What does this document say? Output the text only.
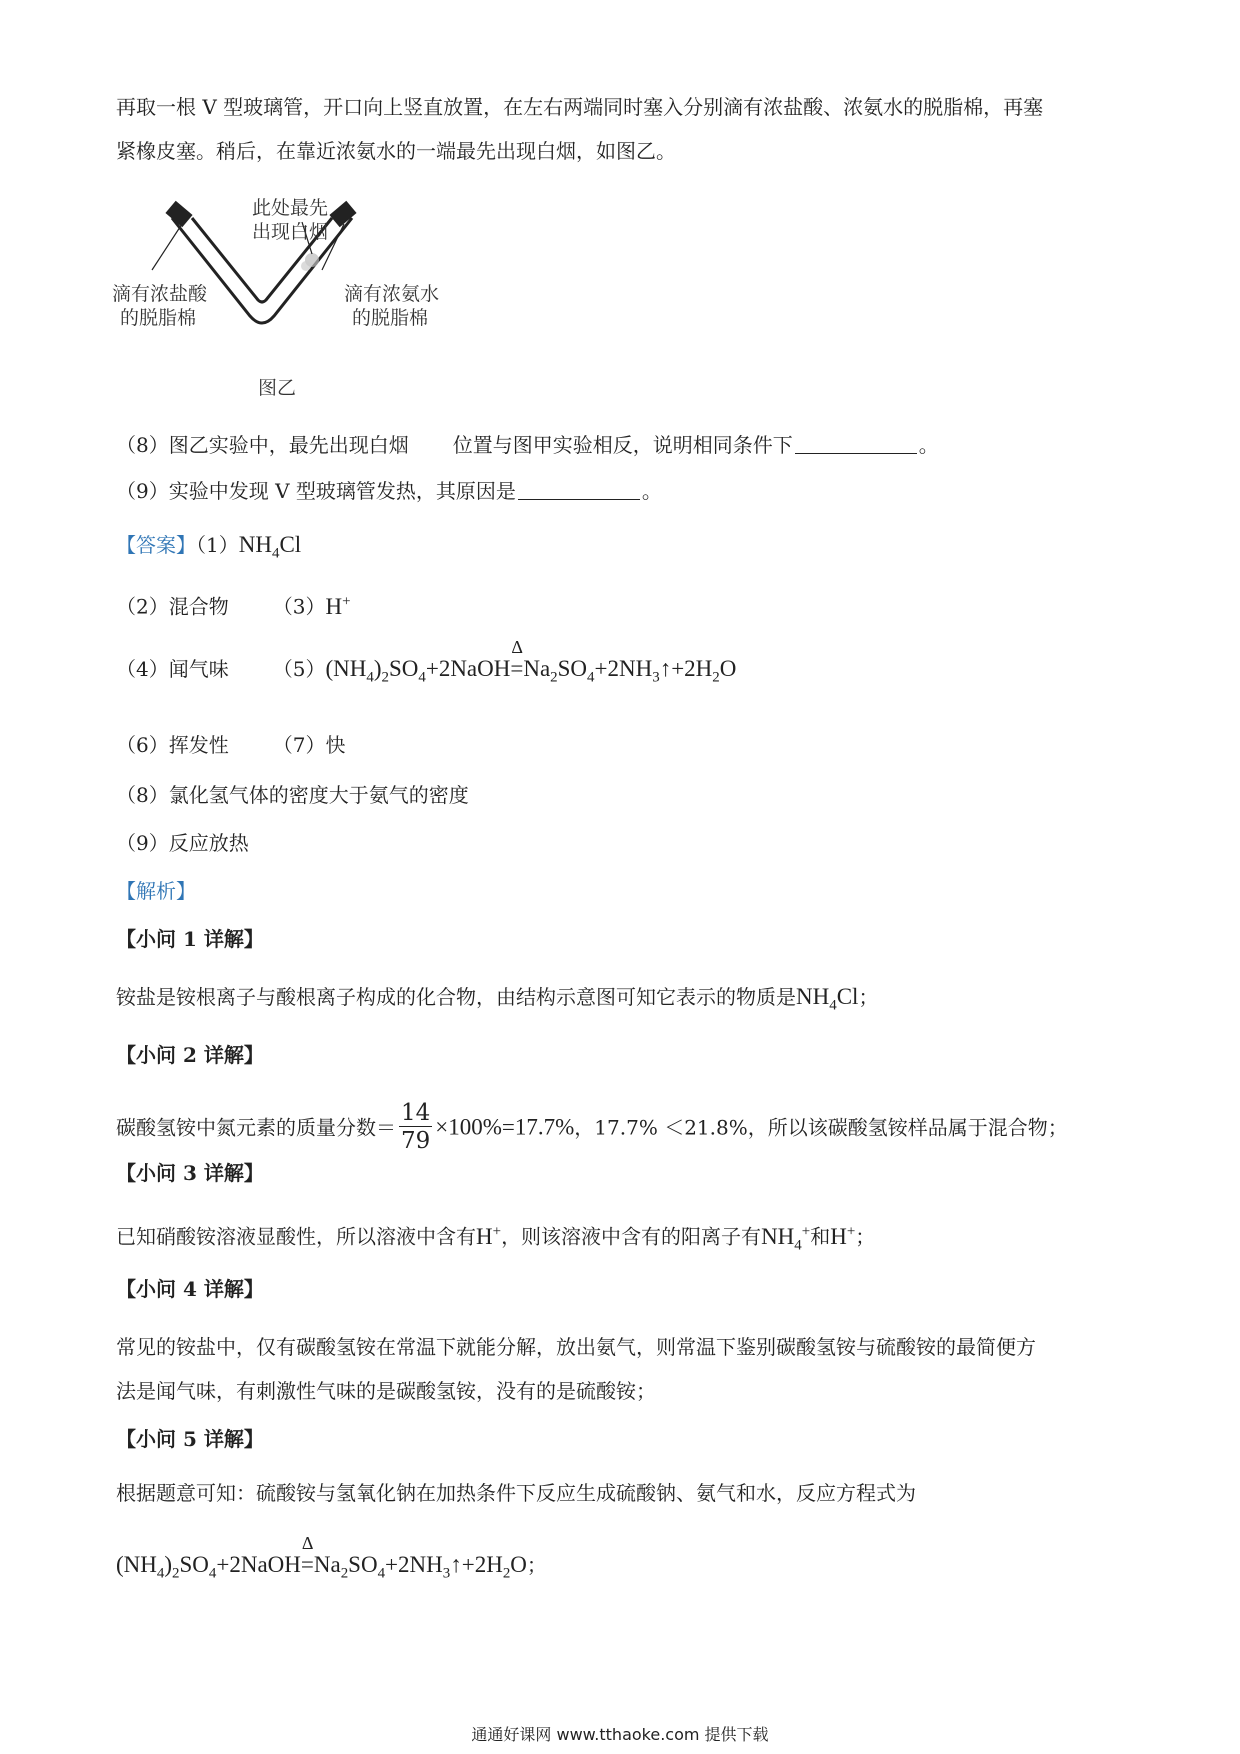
再取一根 V 型玻璃管，开口向上竖直放置，在左右两端同时塞入分别滴有浓盐酸、浓氨水的脱脂棉，再塞
紧橡皮塞。稍后，在靠近浓氨水的一端最先出现白烟，如图乙。
此处最先
出现白烟
滴有浓盐酸
的脱脂棉
滴有浓氨水
的脱脂棉
图乙
（8）图乙实验中，最先出现白烟 位置与图甲实验相反，说明相同条件下	。
（9）实验中发现 V 型玻璃管发热，其原因是	。
【答案】$(1)NH_4Cl$
（2）混合物 （3）H+
（4）闻气味 $(5)(NH_4)_2SO_4+2NaOH$
Δ
$=Na_2SO_4+2NH_3↑+2H_2O$
（6）挥发性 （7）快
（8）氯化氢气体的密度大于氨气的密度
（9）反应放热
【解析】
【小问 1 详解】
铵盐是铵根离子与酸根离子构成的化合物，由结构示意图可知它表示的物质是$NH_4Cl$；
【小问 2 详解】
碳酸氢铵中氮元素的质量分数＝ $\frac{14}{79} \times 100\%=17.7\%$，17.7% ＜21.8%，所以该碳酸氢铵样品属于混合物；
【小问 3 详解】
已知硝酸铵溶液显酸性，所以溶液中含有H+，则该溶液中含有的阳离子有$NH_4^+$和H+；
【小问 4 详解】
常见的铵盐中，仅有碳酸氢铵在常温下就能分解，放出氨气，则常温下鉴别碳酸氢铵与硫酸铵的最简便方
法是闻气味，有刺激性气味的是碳酸氢铵，没有的是硫酸铵；
【小问 5 详解】
根据题意可知：硫酸铵与氢氧化钠在加热条件下反应生成硫酸钠、氨气和水，反应方程式为
$(NH_4)_2SO_4+2NaOH$
Δ
$=Na_2SO_4+2NH_3↑+2H_2O$；
通通好课网 www.tthaoke.com 提供下载
